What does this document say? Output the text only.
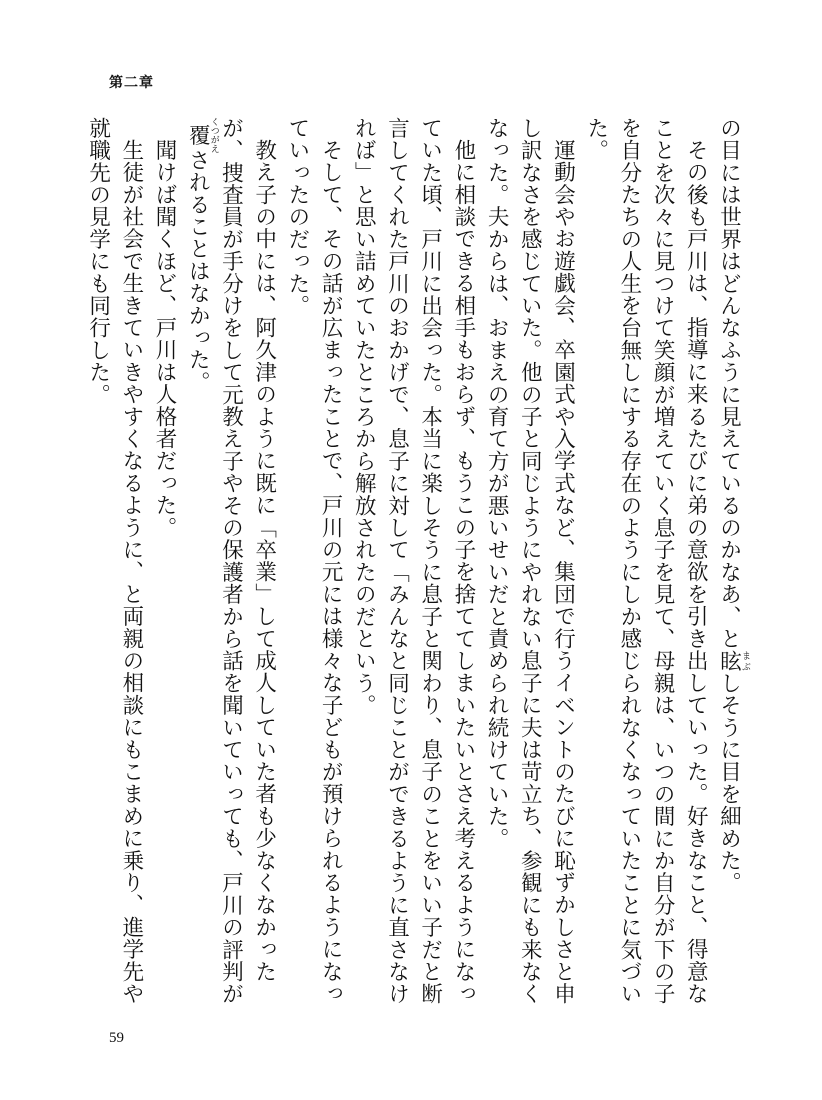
第二章

の目には世界はどんなふうに見えているのかなあ、と眩まぶしそうに目を細めた。

その後も戸川は、指導に来るたびに弟の意欲を引き出していった。好きなこと、得意なことを次々に見つけて笑顔が増えていく息子を見て、母親は、いつの間にか自分が下の子を自分たちの人生を台無しにする存在のようにしか感じられなくなっていたことに気づいた。

運動会やお遊戯会、卒園式や入学式など、集団で行うイベントのたびに恥ずかしさと申し訳なさを感じていた。他の子と同じようにやれない息子に夫は苛立ち、参観にも来なくなった。夫からは、おまえの育て方が悪いせいだと責められ続けていた。

他に相談できる相手もおらず、もうこの子を捨ててしまいたいとさえ考えるようになっていた頃、戸川に出会った。本当に楽しそうに息子と関わり、息子のことをいい子だと断言してくれた戸川のおかげで、息子に対して「みんなと同じことができるように直さなければ」と思い詰めていたところから解放されたのだという。

そして、その話が広まったことで、戸川の元には様々な子どもが預けられるようになっていったのだった。

教え子の中には、阿久津のように既に「卒業」して成人していた者も少なくなかったが、捜査員が手分けをして元教え子やその保護者から話を聞いていっても、戸川の評判が覆くつがえされることはなかった。

聞けば聞くほど、戸川は人格者だった。

生徒が社会で生きていきやすくなるように、と両親の相談にもこまめに乗り、進学先や就職先の見学にも同行した。

59
